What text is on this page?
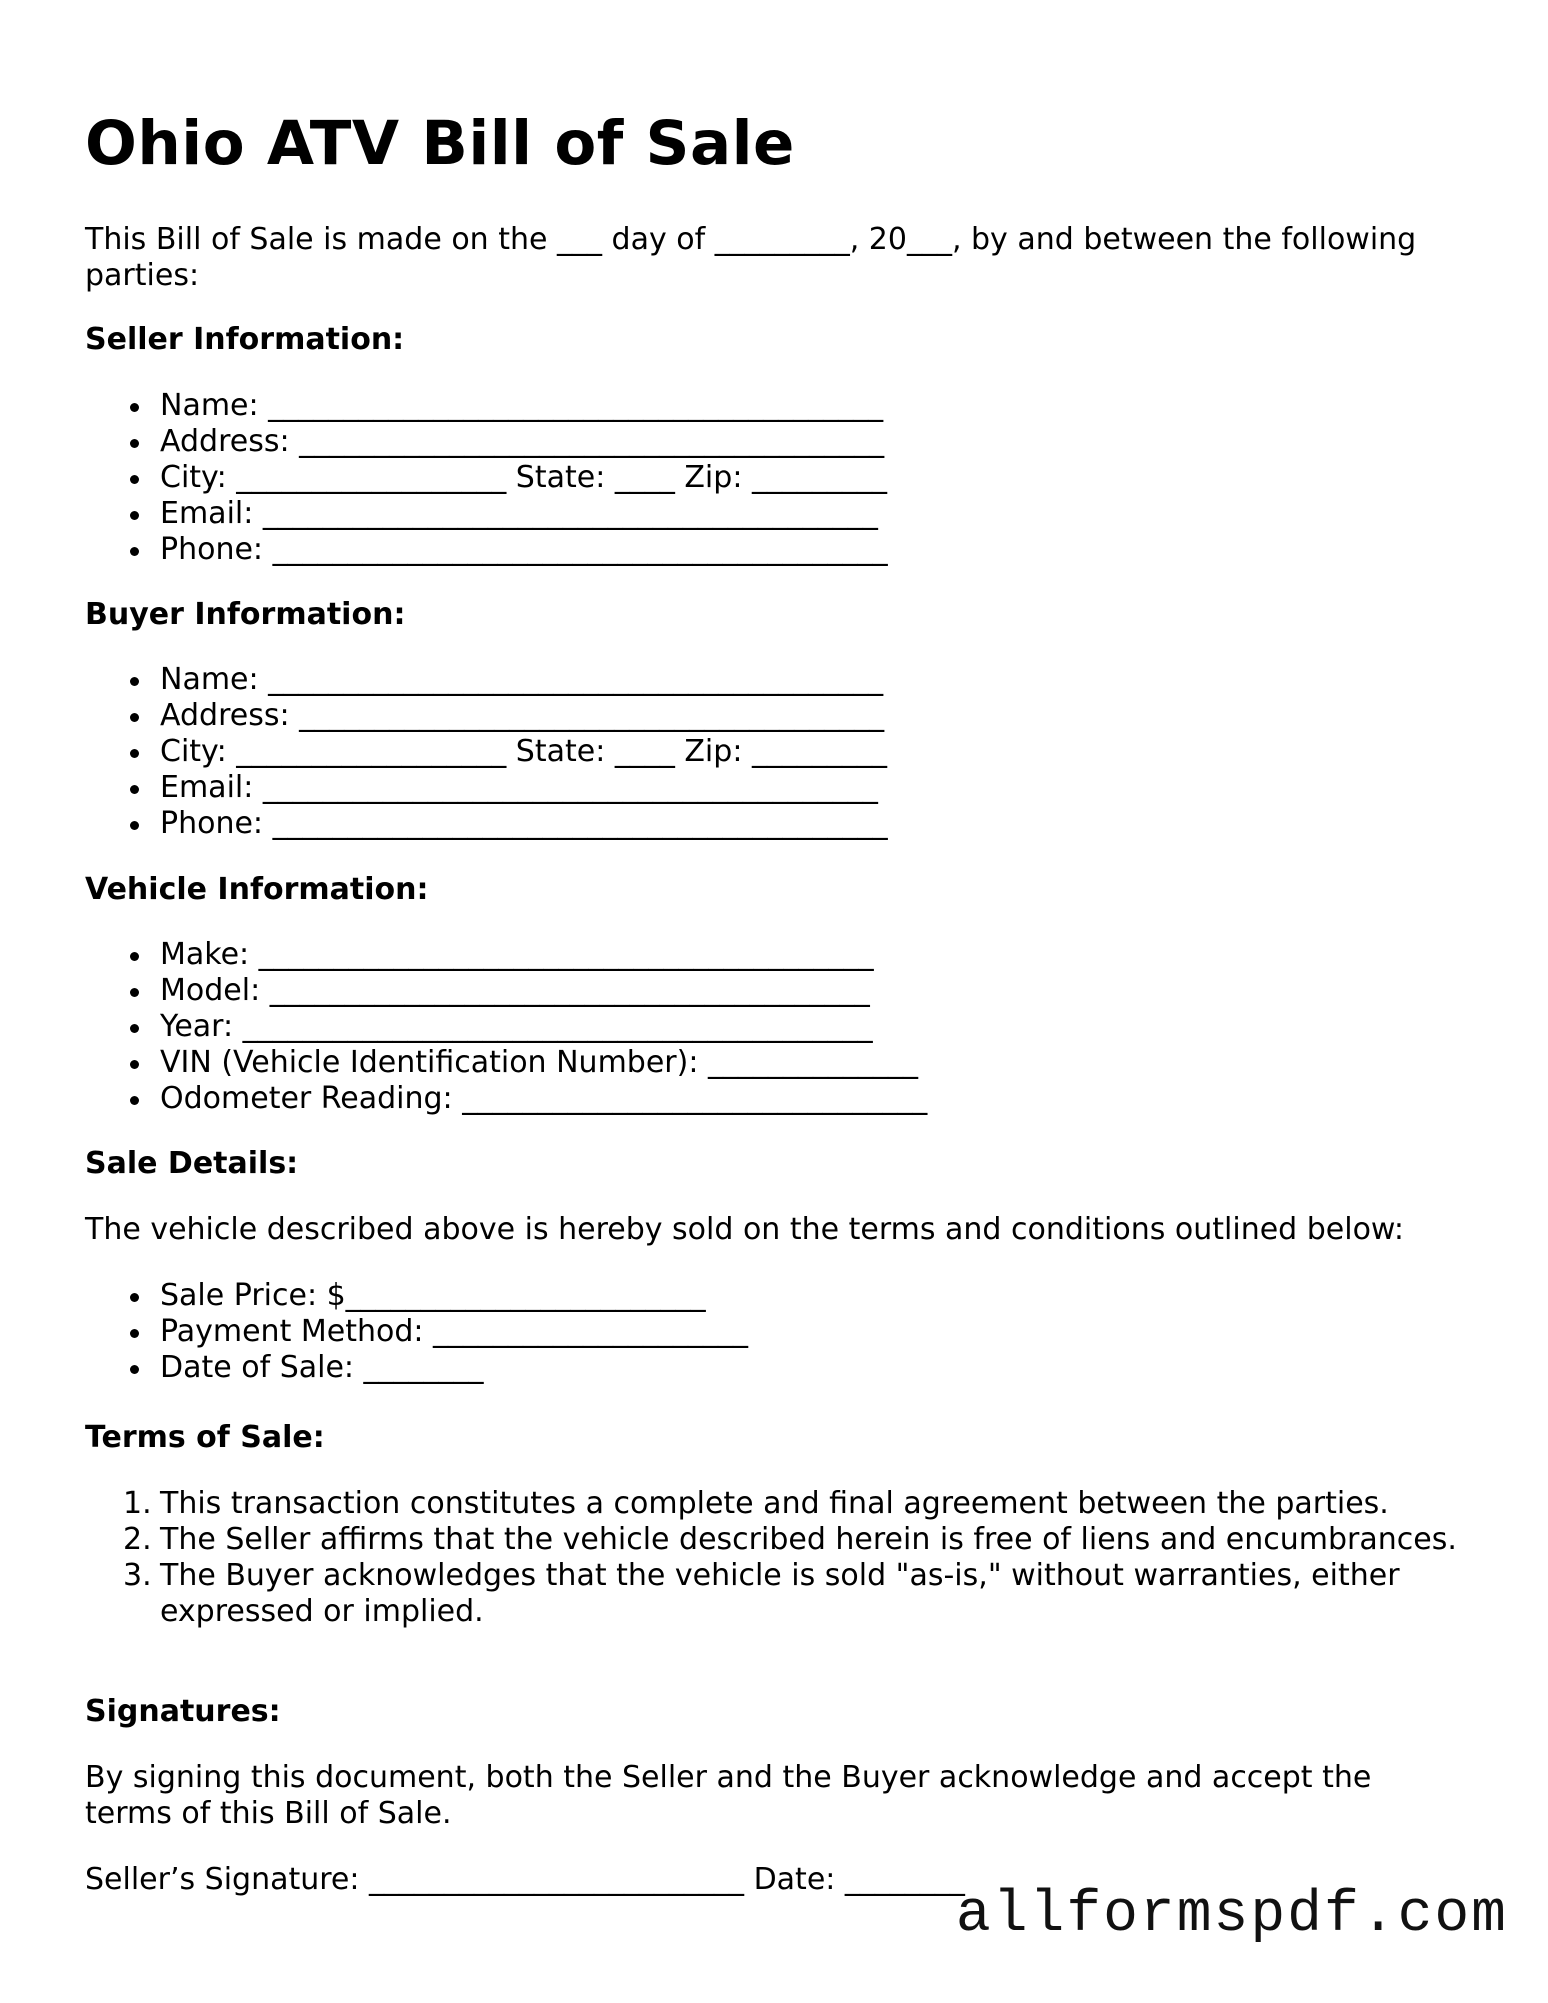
Ohio ATV Bill of Sale
This Bill of Sale is made on the ___ day of _________, 20___, by and between the following parties:
Seller Information:
Name: _________________________________________
Address: _______________________________________
City: __________________ State: ____ Zip: _________
Email: _________________________________________
Phone: _________________________________________
Buyer Information:
Name: _________________________________________
Address: _______________________________________
City: __________________ State: ____ Zip: _________
Email: _________________________________________
Phone: _________________________________________
Vehicle Information:
Make: _________________________________________
Model: ________________________________________
Year: __________________________________________
VIN (Vehicle Identification Number): ______________
Odometer Reading: _______________________________
Sale Details:
The vehicle described above is hereby sold on the terms and conditions outlined below:
Sale Price: $________________________
Payment Method: _____________________
Date of Sale: ________
Terms of Sale:
1. This transaction constitutes a complete and final agreement between the parties.
2. The Seller affirms that the vehicle described herein is free of liens and encumbrances.
3. The Buyer acknowledges that the vehicle is sold "as-is," without warranties, either expressed or implied.
Signatures:
By signing this document, both the Seller and the Buyer acknowledge and accept the terms of this Bill of Sale.
Seller’s Signature: _________________________ Date: ________
allformspdf.com
